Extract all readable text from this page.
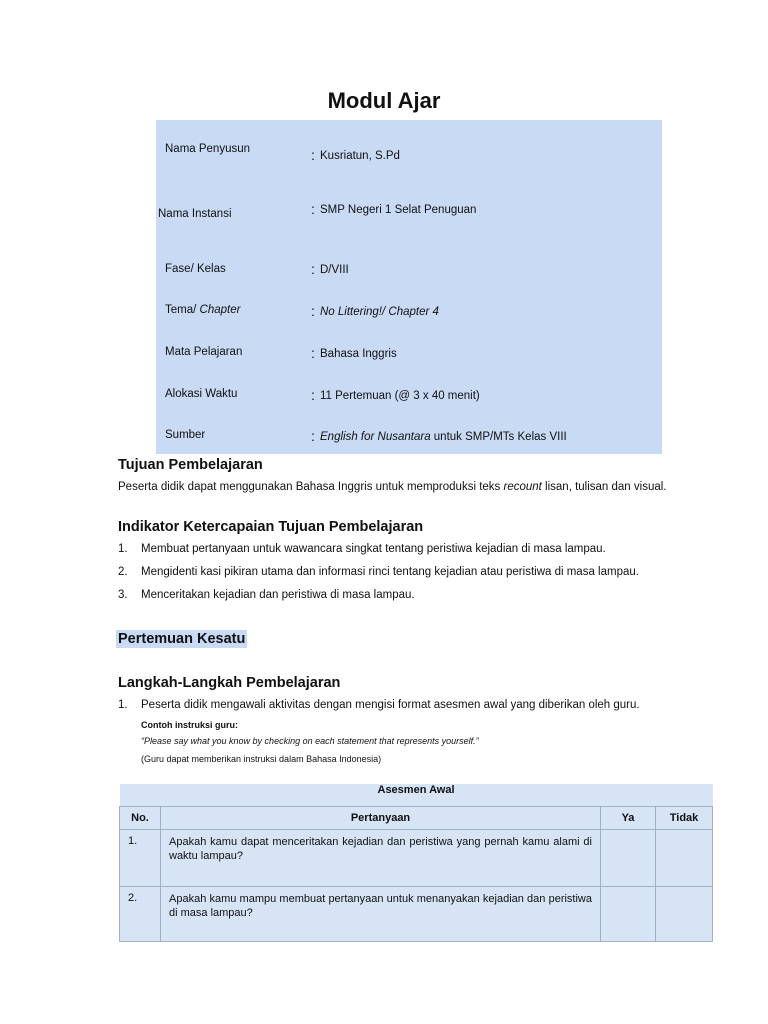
Modul Ajar
Nama Penyusun	: Kusriatun, S.Pd
Nama Instansi	: SMP Negeri 1 Selat Penuguan
Fase/ Kelas	: D/VIII
Tema/ Chapter	: No Littering!/ Chapter 4
Mata Pelajaran	: Bahasa Inggris
Alokasi Waktu	: 11 Pertemuan (@ 3 x 40 menit)
Sumber	: English for Nusantara untuk SMP/MTs Kelas VIII
Tujuan Pembelajaran
Peserta didik dapat menggunakan Bahasa Inggris untuk memproduksi teks recount lisan, tulisan dan visual.
Indikator Ketercapaian Tujuan Pembelajaran
1. Membuat pertanyaan untuk wawancara singkat tentang peristiwa kejadian di masa lampau.
2. Mengidenti kasi pikiran utama dan informasi rinci tentang kejadian atau peristiwa di masa lampau.
3. Menceritakan kejadian dan peristiwa di masa lampau.
Pertemuan Kesatu
Langkah-Langkah Pembelajaran
1. Peserta didik mengawali aktivitas dengan mengisi format asesmen awal yang diberikan oleh guru.
Contoh instruksi guru:
“Please say what you know by checking on each statement that represents yourself.”
(Guru dapat memberikan instruksi dalam Bahasa Indonesia)
Asesmen Awal			
No.	Pertanyaan	Ya	Tidak
1.	Apakah kamu dapat menceritakan kejadian dan peristiwa yang pernah kamu alami di waktu lampau?		
2.	Apakah kamu mampu membuat pertanyaan untuk menanyakan kejadian dan peristiwa di masa lampau?		
